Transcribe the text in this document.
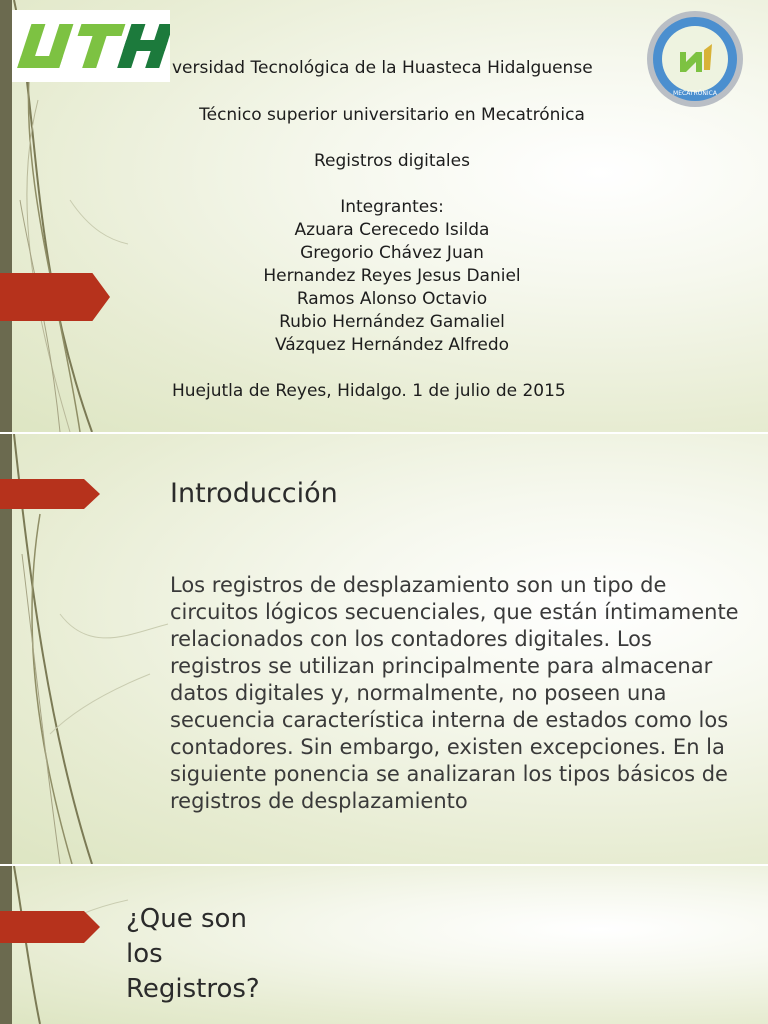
MECATRÓNICA
versidad Tecnológica de la Huasteca Hidalguense
Técnico superior universitario en Mecatrónica
Registros digitales
Integrantes:
Azuara Cerecedo Isilda
Gregorio Chávez Juan
Hernandez Reyes Jesus Daniel
Ramos Alonso Octavio
Rubio Hernández Gamaliel
Vázquez Hernández Alfredo
Huejutla de Reyes, Hidalgo. 1 de julio de 2015
Introducción
Los registros de desplazamiento son un tipo de circuitos lógicos secuenciales, que están íntimamente relacionados con los contadores digitales. Los registros se utilizan principalmente para almacenar datos digitales y, normalmente, no poseen una secuencia característica interna de estados como los contadores. Sin embargo, existen excepciones. En la siguiente ponencia se analizaran los tipos básicos de registros de desplazamiento
¿Que son
los
Registros?
